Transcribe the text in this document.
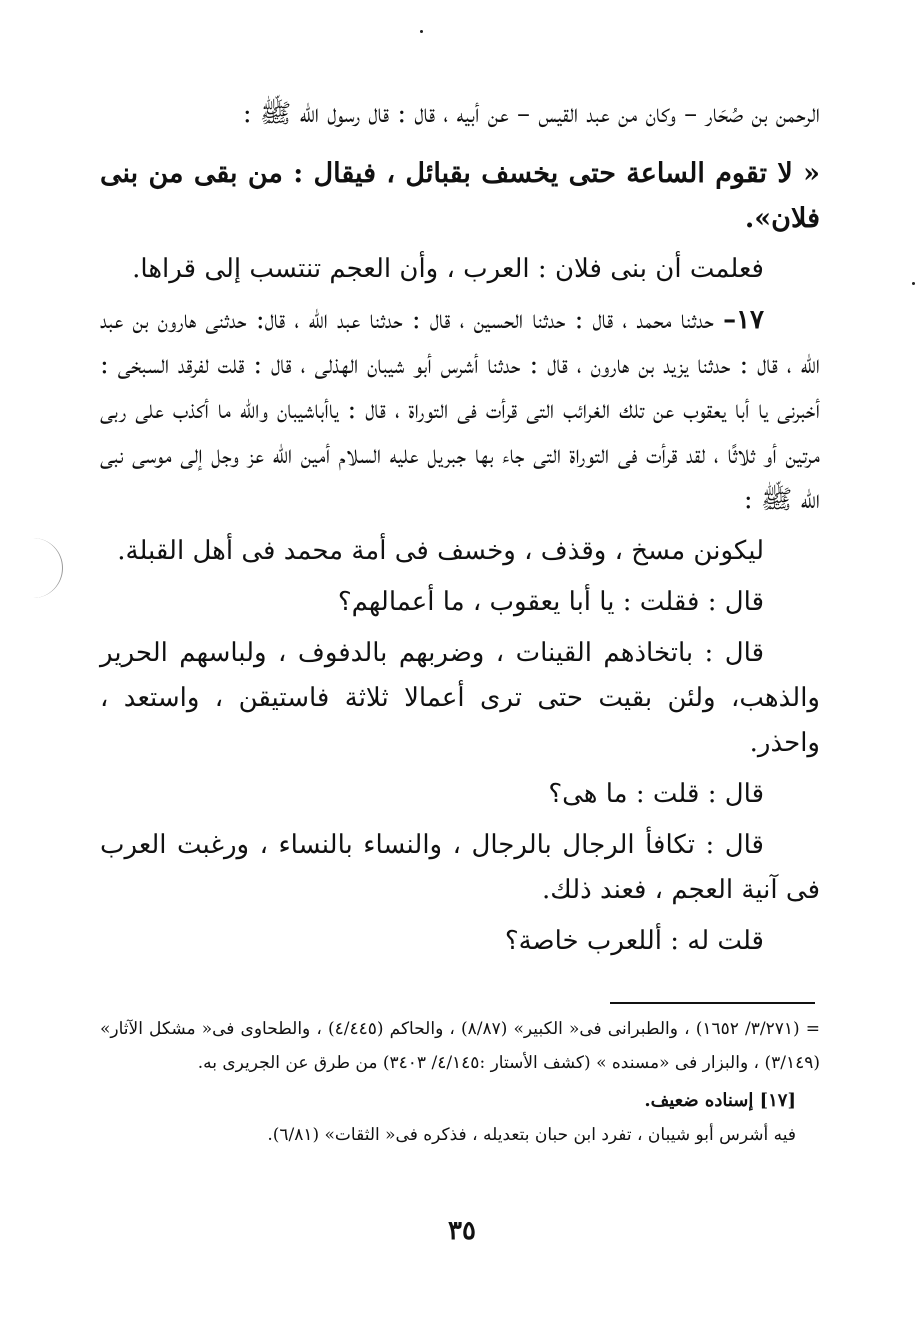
الرحمن بن صُحَار – وكان من عبد القيس – عن أبيه ، قال : قال رسول الله ﷺ :

« لا تقوم الساعة حتى يخسف بقبائل ، فيقال : من بقى من بنى فلان».

فعلمت أن بنى فلان : العرب ، وأن العجم تنتسب إلى قراها.

١٧– حدثنا محمد ، قال : حدثنا الحسين ، قال : حدثنا عبد الله ، قال: حدثنى هارون بن عبد الله ، قال : حدثنا يزيد بن هارون ، قال : حدثنا أشرس أبو شيبان الهذلى ، قال : قلت لفرقد السبخى : أخبرنى يا أبا يعقوب عن تلك الغرائب التى قرأت فى التوراة ، قال : ياأباشيبان والله ما أكذب على ربى مرتين أو ثلاثًا ، لقد قرأت فى التوراة التى جاء بها جبريل عليه السلام أمين الله عز وجل إلى موسى نبى الله ﷺ :

ليكونن مسخ ، وقذف ، وخسف فى أمة محمد فى أهل القبلة.

قال : فقلت : يا أبا يعقوب ، ما أعمالهم؟

قال : باتخاذهم القينات ، وضربهم بالدفوف ، ولباسهم الحرير والذهب، ولئن بقيت حتى ترى أعمالا ثلاثة فاستيقن ، واستعد ، واحذر.

قال : قلت : ما هى؟

قال : تكافأ الرجال بالرجال ، والنساء بالنساء ، ورغبت العرب فى آنية العجم ، فعند ذلك.

قلت له : أللعرب خاصة؟

= (٣/٢٧١/ ١٦٥٢) ، والطبرانى فى« الكبير» (٨/٨٧) ، والحاكم (٤/٤٤٥) ، والطحاوى فى« مشكل الآثار» (٣/١٤٩) ، والبزار فى «مسنده » (كشف الأستار :٤/١٤٥/ ٣٤٠٣) من طرق عن الجريرى به.

[١٧] إسناده ضعيف.

فيه أشرس أبو شيبان ، تفرد ابن حبان بتعديله ، فذكره فى« الثقات» (٦/٨١).

٣٥
